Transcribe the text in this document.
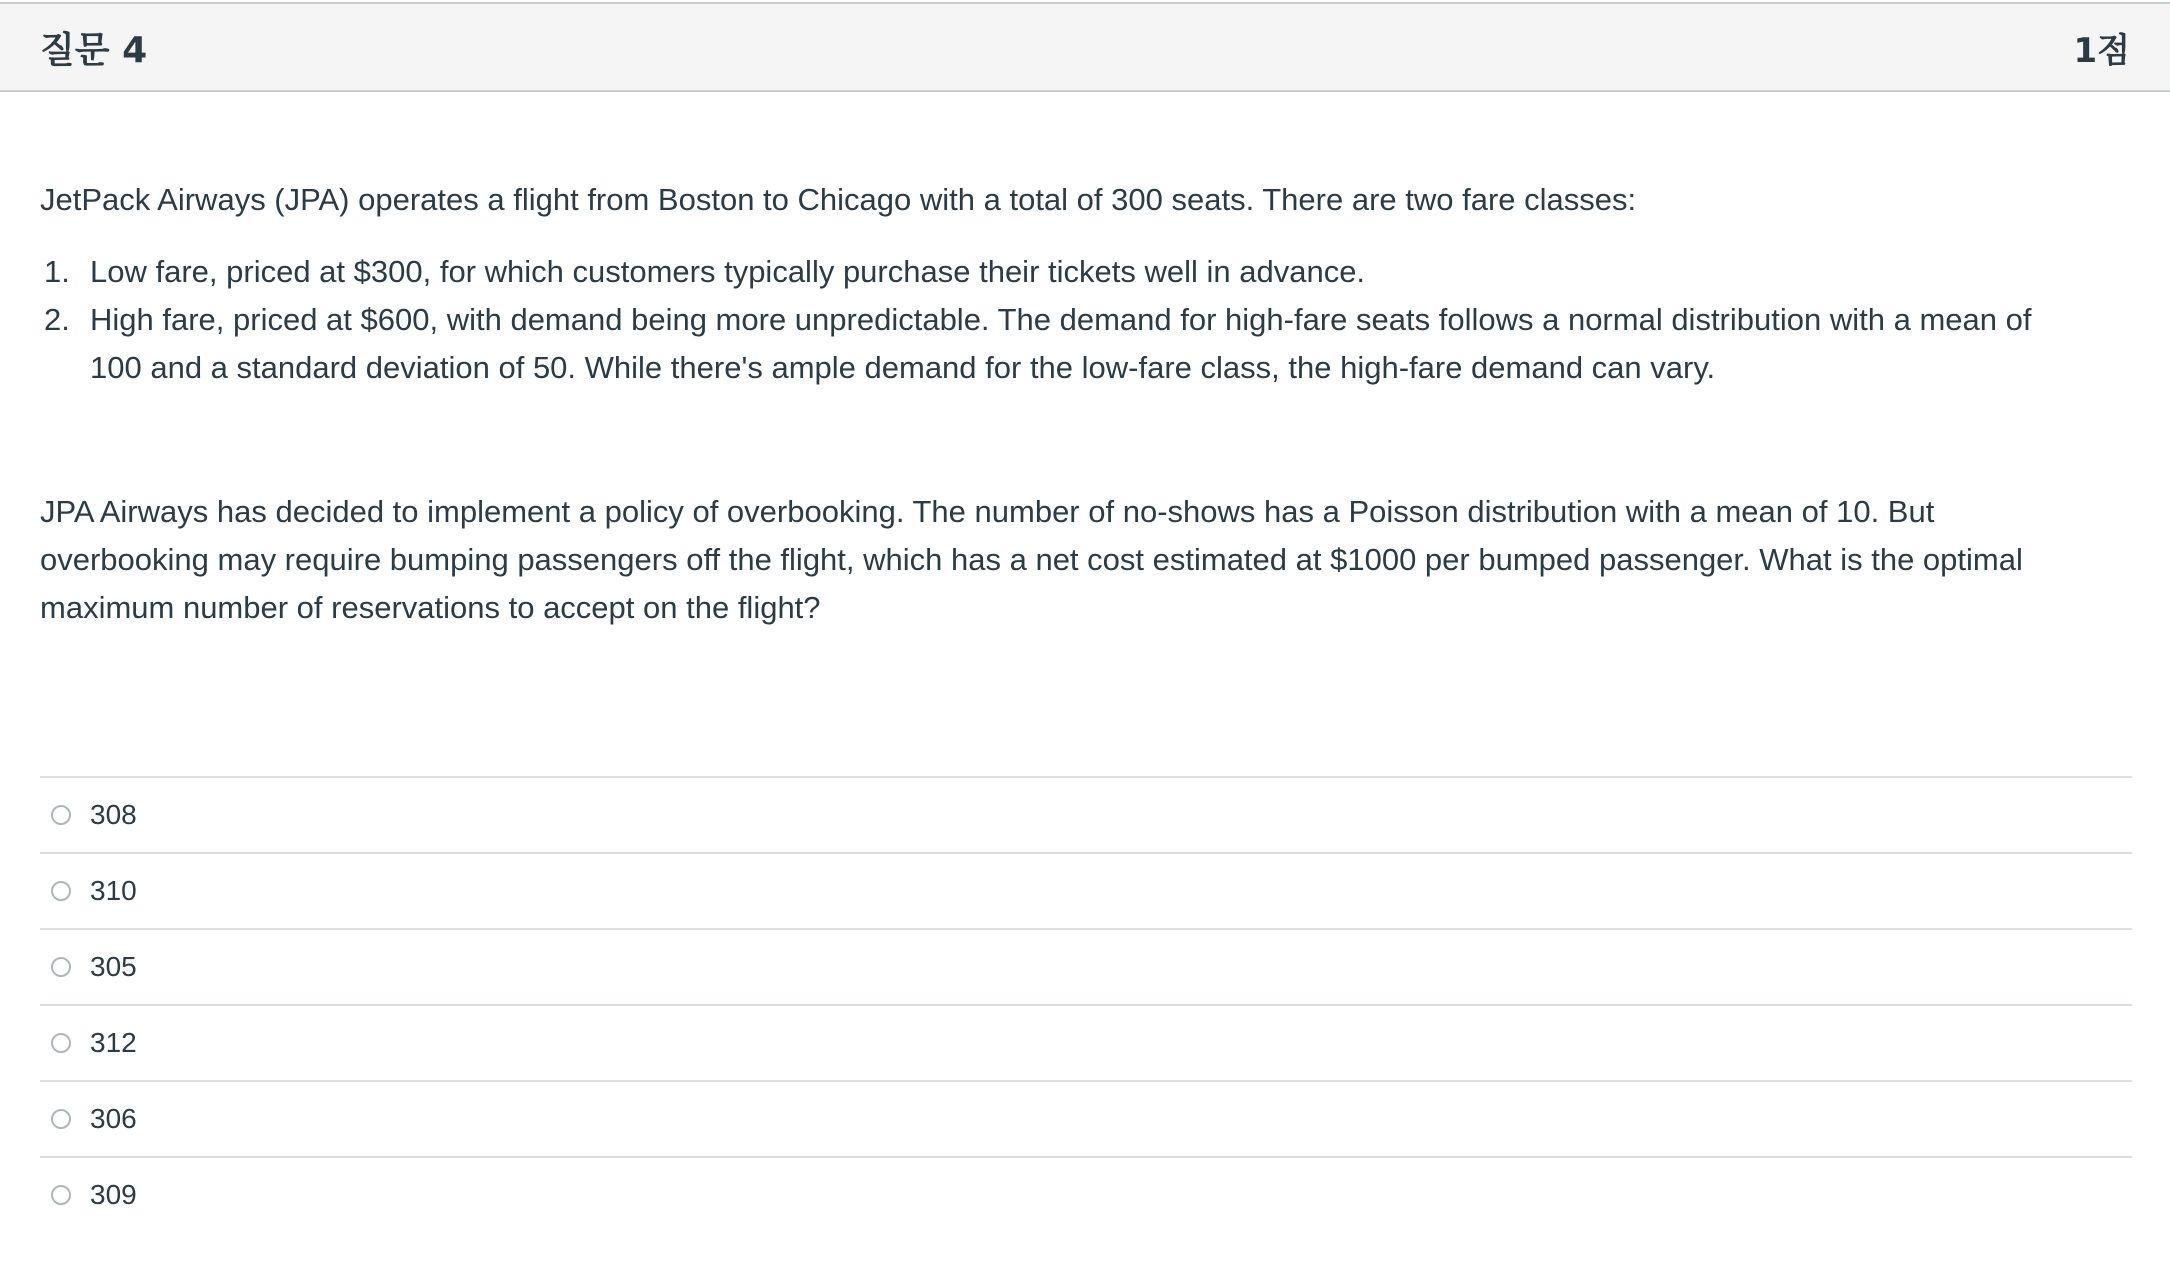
질문 4	1점

JetPack Airways (JPA) operates a flight from Boston to Chicago with a total of 300 seats. There are two fare classes:

1. Low fare, priced at $300, for which customers typically purchase their tickets well in advance.
2. High fare, priced at $600, with demand being more unpredictable. The demand for high-fare seats follows a normal distribution with a mean of 100 and a standard deviation of 50. While there's ample demand for the low-fare class, the high-fare demand can vary.

JPA Airways has decided to implement a policy of overbooking. The number of no-shows has a Poisson distribution with a mean of 10. But overbooking may require bumping passengers off the flight, which has a net cost estimated at $1000 per bumped passenger. What is the optimal maximum number of reservations to accept on the flight?

308
310
305
312
306
309
